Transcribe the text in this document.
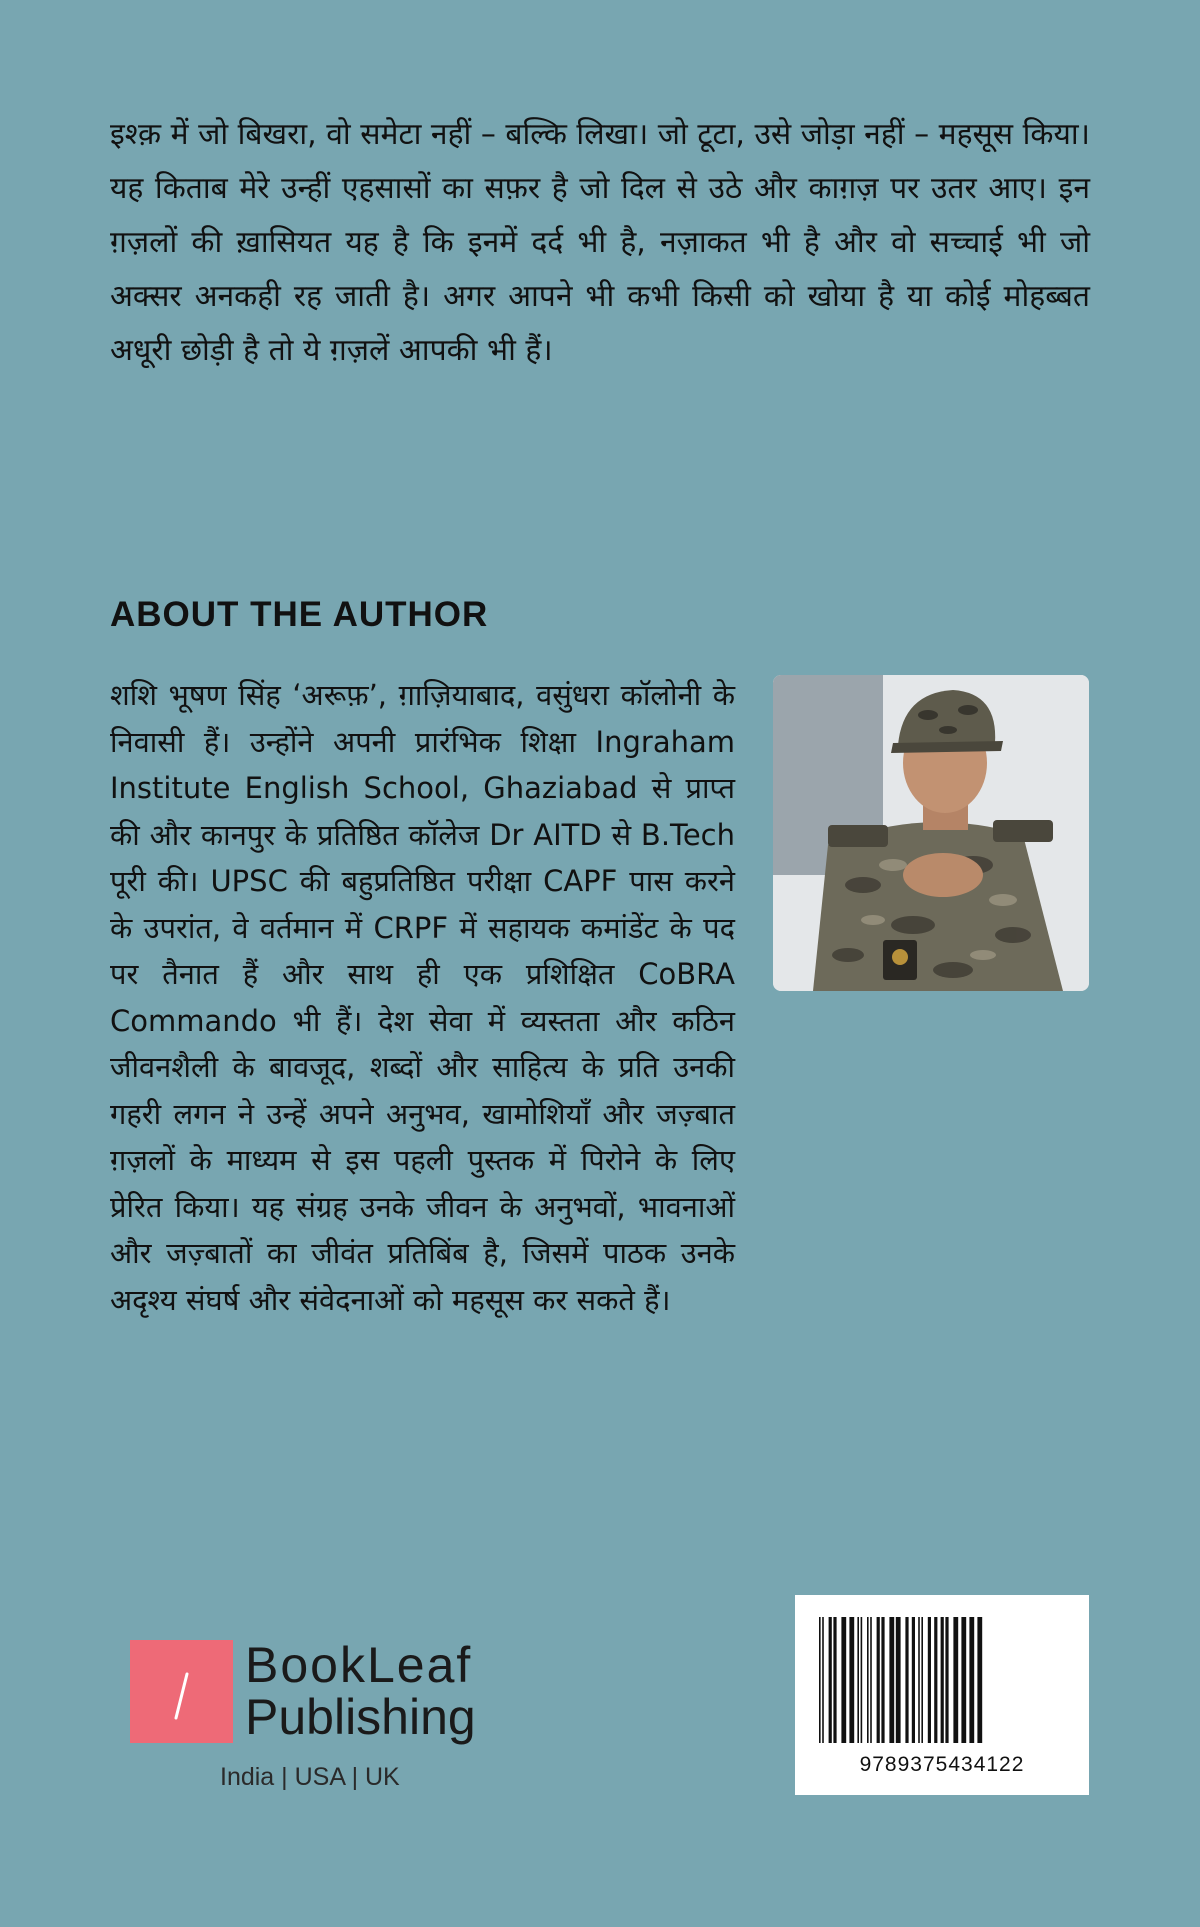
इश्क़ में जो बिखरा, वो समेटा नहीं – बल्कि लिखा। जो टूटा, उसे जोड़ा नहीं – महसूस किया। यह किताब मेरे उन्हीं एहसासों का सफ़र है जो दिल से उठे और काग़ज़ पर उतर आए। इन ग़ज़लों की ख़ासियत यह है कि इनमें दर्द भी है, नज़ाकत भी है और वो सच्चाई भी जो अक्सर अनकही रह जाती है। अगर आपने भी कभी किसी को खोया है या कोई मोहब्बत अधूरी छोड़ी है तो ये ग़ज़लें आपकी भी हैं।

ABOUT THE AUTHOR

शशि भूषण सिंह ‘अरूफ़’, ग़ाज़ियाबाद, वसुंधरा कॉलोनी के निवासी हैं। उन्होंने अपनी प्रारंभिक शिक्षा Ingraham Institute English School, Ghaziabad से प्राप्त की और कानपुर के प्रतिष्ठित कॉलेज Dr AITD से B.Tech पूरी की। UPSC की बहुप्रतिष्ठित परीक्षा CAPF पास करने के उपरांत, वे वर्तमान में CRPF में सहायक कमांडेंट के पद पर तैनात हैं और साथ ही एक प्रशिक्षित CoBRA Commando भी हैं। देश सेवा में व्यस्तता और कठिन जीवनशैली के बावजूद, शब्दों और साहित्य के प्रति उनकी गहरी लगन ने उन्हें अपने अनुभव, खामोशियाँ और जज़्बात ग़ज़लों के माध्यम से इस पहली पुस्तक में पिरोने के लिए प्रेरित किया। यह संग्रह उनके जीवन के अनुभवों, भावनाओं और जज़्बातों का जीवंत प्रतिबिंब है, जिसमें पाठक उनके अदृश्य संघर्ष और संवेदनाओं को महसूस कर सकते हैं।

BookLeaf
Publishing
India | USA | UK	9789375434122
